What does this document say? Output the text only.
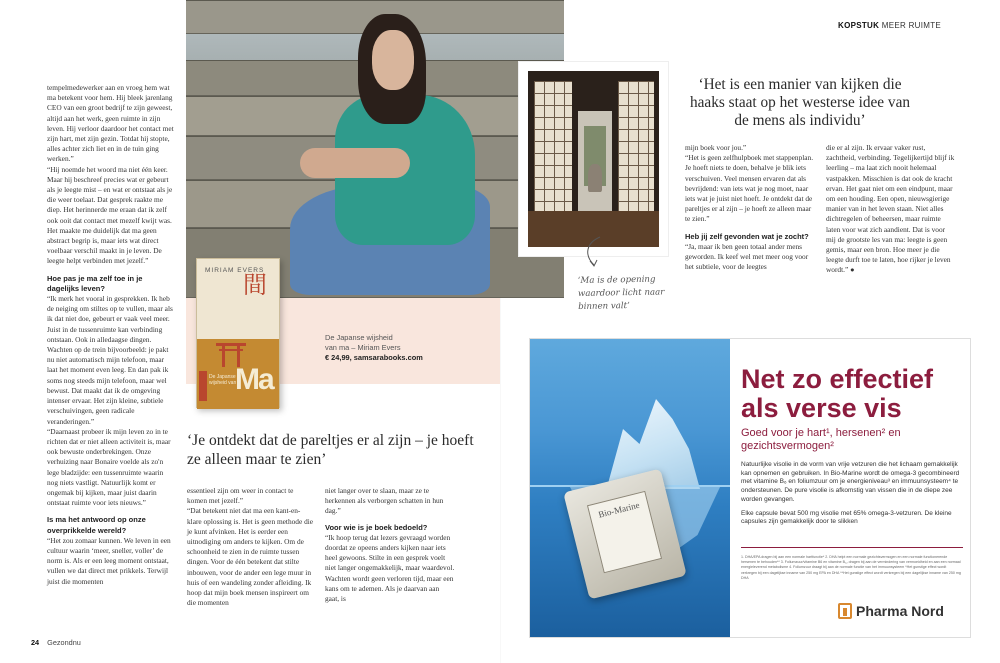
tempelmedewerker aan en vroeg hem wat ma betekent voor hem. Hij bleek jarenlang CEO van een groot bedrijf te zijn geweest, altijd aan het werk, geen ruimte in zijn leven. Hij verloor daardoor het contact met zijn hart, met zijn gezin. Totdat hij stopte, alles achter zich liet en in de tuin ging werken.”

“Hij noemde het woord ma niet één keer. Maar hij beschreef precies wat er gebeurt als je leegte mist – en wat er ontstaat als je die weer toelaat. Dat gesprek raakte me diep. Het herinnerde me eraan dat ik zelf ook ooit dat contact met mezelf kwijt was. Het maakte me duidelijk dat ma geen abstract begrip is, maar iets wat direct voelbaar verschil maakt in je leven. De leegte helpt verbinden met jezelf.”

Hoe pas je ma zelf toe in je dagelijks leven?

“Ik merk het vooral in gesprekken. Ik heb de neiging om stiltes op te vullen, maar als ik dat niet doe, gebeurt er vaak veel meer. Juist in de tussenruimte kan verbinding ontstaan. Ook in alledaagse dingen. Wachten op de trein bijvoorbeeld: je pakt nu niet automatisch mijn telefoon, maar laat het moment even leeg. En dan pak ik soms nog steeds mijn telefoon, maar wel bewust. Dat maakt dat ik de omgeving intenser ervaar. Het zijn kleine, subtiele verschuivingen, geen radicale veranderingen.”

“Daarnaast probeer ik mijn leven zo in te richten dat er niet alleen activiteit is, maar ook bewuste onderbrekingen. Onze verhuizing naar Bonaire voelde als zo'n lege bladzijde: een tussenruimte waarin nog niets vastligt. Natuurlijk komt er ongemak bij kijken, maar juist daarin ontstaat ruimte voor iets nieuws.”

Is ma het antwoord op onze overprikkelde wereld?

“Het zou zomaar kunnen. We leven in een cultuur waarin ‘meer, sneller, voller’ de norm is. Als er een leeg moment ontstaat, vullen we dat direct met prikkels. Terwijl juist die momenten

MIRIAM EVERS
間
De Japanse wijsheid van
Ma
De Japanse wijsheid
van ma – Miriam Evers
€ 24,99, samsarabooks.com
‘Je ontdekt dat de pareltjes er al zijn – je hoeft ze alleen maar te zien’

essentieel zijn om weer in contact te komen met jezelf.”

“Dat betekent niet dat ma een kant-en-klare oplossing is. Het is geen methode die je kunt afvinken. Het is eerder een uitnodiging om anders te kijken. Om de schoonheid te zien in de ruimte tussen dingen. Voor de één betekent dat stilte inbouwen, voor de ander een lege muur in huis of een wandeling zonder afleiding. Ik hoop dat mijn boek mensen inspireert om die momenten

niet langer over te slaan, maar ze te herkennen als verborgen schatten in hun dag.”

Voor wie is je boek bedoeld?

“Ik hoop terug dat lezers gevraagd worden doordat ze opeens anders kijken naar iets heel gewoons. Stilte in een gesprek voelt niet langer ongemakkelijk, maar waardevol. Wachten wordt geen verloren tijd, maar een kans om te ademen. Als je daarvan aan gaat, is

‘Ma is de opening waardoor licht naar binnen valt’
KOPSTUK MEER RUIMTE
‘Het is een manier van kijken die haaks staat op het westerse idee van de mens als individu’

mijn boek voor jou.”

“Het is geen zelfhulpboek met stappenplan. Je hoeft niets te doen, behalve je blik iets verschuiven. Veel mensen ervaren dat als bevrijdend: van iets wat je nog moet, naar iets wat je juist niet hoeft. Je ontdekt dat de pareltjes er al zijn – je hoeft ze alleen maar te zien.”

Heb jij zelf gevonden wat je zocht?

“Ja, maar ik ben geen totaal ander mens geworden. Ik keef wel met meer oog voor het subtiele, voor de leegtes

die er al zijn. Ik ervaar vaker rust, zachtheid, verbinding. Tegelijkertijd blijf ik leerling – ma laat zich nooit helemaal vastpakken. Misschien is dat ook de kracht ervan. Het gaat niet om een eindpunt, maar om een houding. Een open, nieuwsgierige manier van in het leven staan. Niet alles dichtregelen of beheersen, maar ruimte laten voor wat zich aandient. Dat is voor mij de grootste les van ma: leegte is geen gemis, maar een bron. Hoe meer je die leegte durft toe te laten, hoe rijker je leven wordt.” ●

Bio-Marine
Net zo effectief
als verse vis
Goed voor je hart¹, hersenen² en gezichtsvermogen²

Natuurlijke visolie in de vorm van vrije vetzuren die het lichaam gemakkelijk kan opnemen en gebruiken. In Bio-Marine wordt de omega-3 gecombineerd met vitamine B₆ en foliumzuur om je energieniveau³ en immuunsysteem⁴ te ondersteunen. De pure visolie is afkomstig van vissen die in de diepe zee worden gevangen.

Elke capsule bevat 500 mg visolie met 65% omega-3-vetzuren. De kleine capsules zijn gemakkelijk door te slikken

1. DHA/EPA dragen bij aan een normale hartfunctie* 2. DHA helpt een normale gezichtsvermogen en een normale functionerende hersenen te behouden** 3. Foliumzuur/vitamine B6 en vitamine B₁₂ dragen bij aan de vermindering van vermoeidheid en aan een normaal energieleverend metabolisme 4. Foliumzuur draagt bij aan de normale functie van het immuunsysteem *Het gunstige effect wordt verkregen bij een dagelijkse inname van 250 mg EPA en DHA **Het gunstige effect wordt verkregen bij een dagelijkse inname van 250 mg DHA
Pharma Nord
24 Gezondnu
